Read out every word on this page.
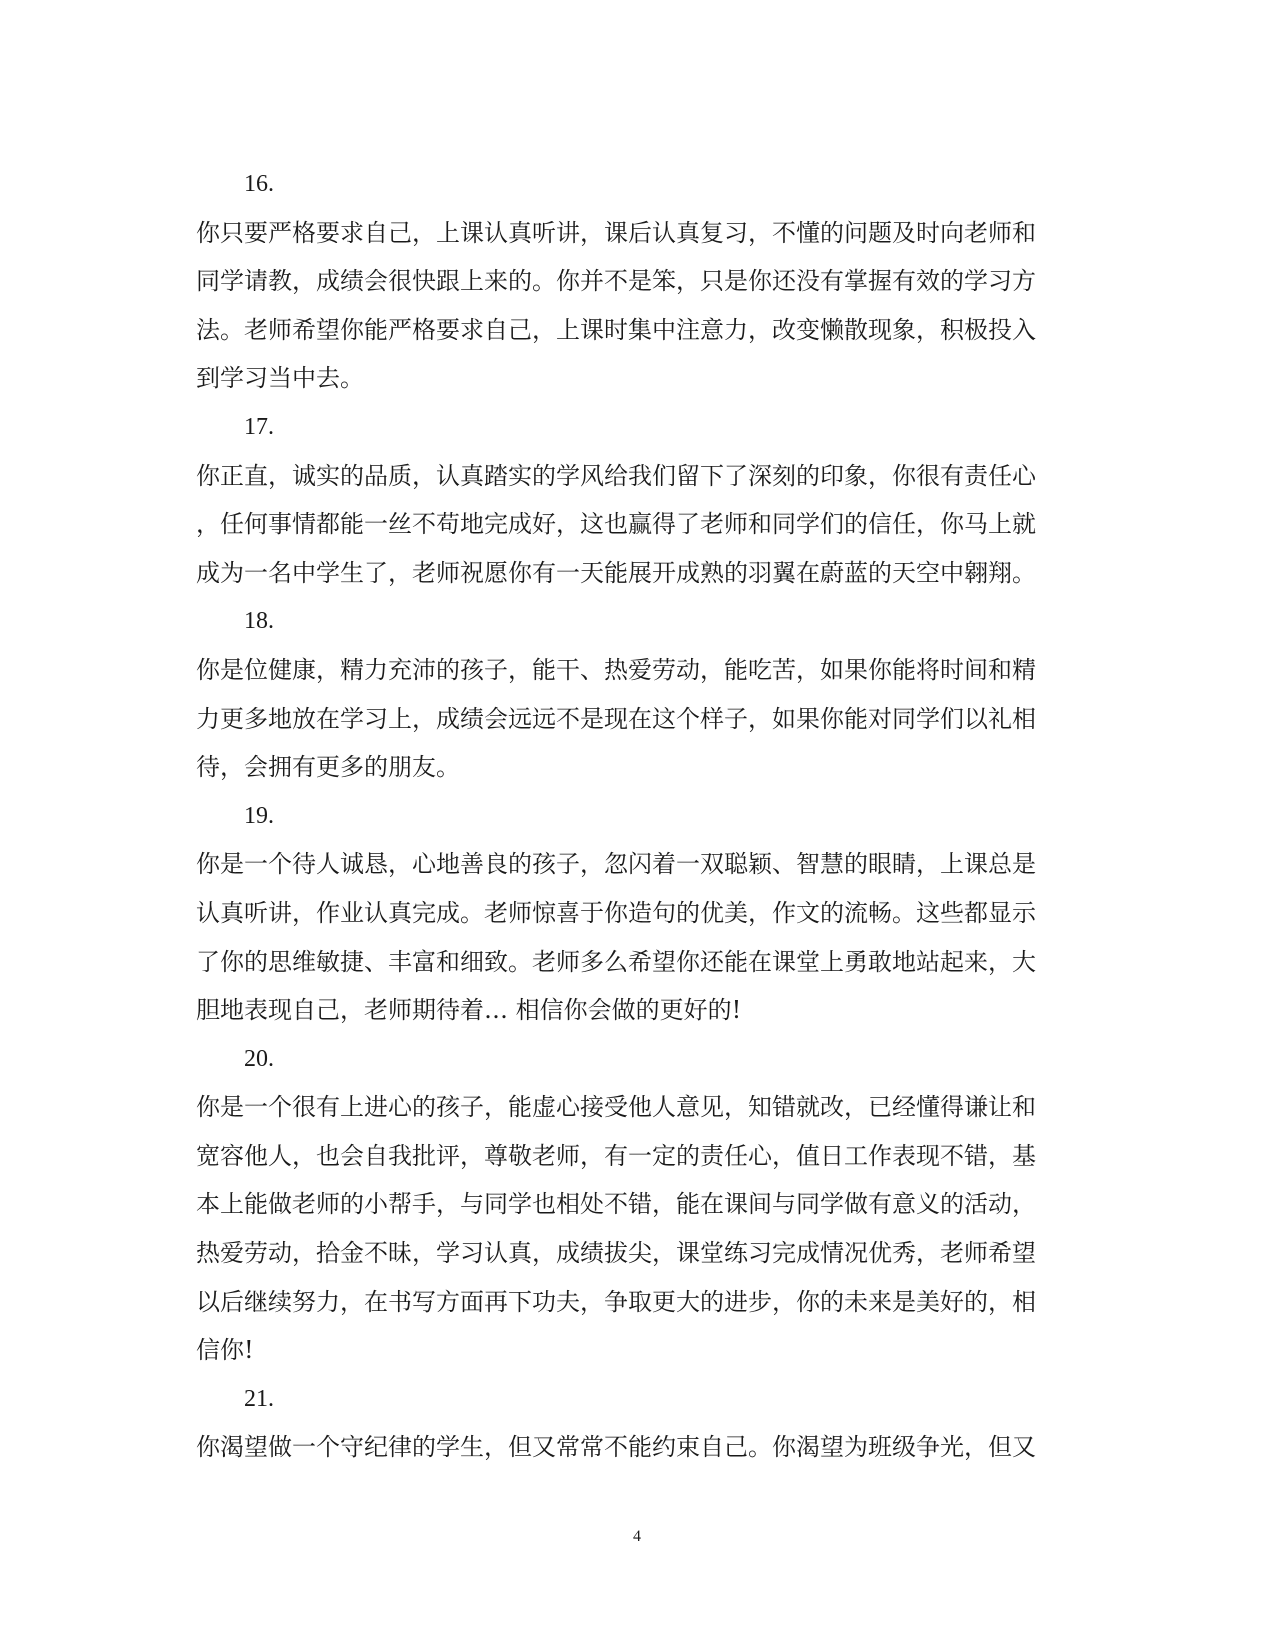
16.
你只要严格要求自己，上课认真听讲，课后认真复习，不懂的问题及时向老师和
同学请教，成绩会很快跟上来的。你并不是笨，只是你还没有掌握有效的学习方
法。老师希望你能严格要求自己，上课时集中注意力，改变懒散现象，积极投入
到学习当中去。
17.
你正直，诚实的品质，认真踏实的学风给我们留下了深刻的印象，你很有责任心
，任何事情都能一丝不苟地完成好，这也赢得了老师和同学们的信任，你马上就
成为一名中学生了，老师祝愿你有一天能展开成熟的羽翼在蔚蓝的天空中翱翔。
18.
你是位健康，精力充沛的孩子，能干、热爱劳动，能吃苦，如果你能将时间和精
力更多地放在学习上，成绩会远远不是现在这个样子，如果你能对同学们以礼相
待，会拥有更多的朋友。
19.
你是一个待人诚恳，心地善良的孩子，忽闪着一双聪颖、智慧的眼睛，上课总是
认真听讲，作业认真完成。老师惊喜于你造句的优美，作文的流畅。这些都显示
了你的思维敏捷、丰富和细致。老师多么希望你还能在课堂上勇敢地站起来，大
胆地表现自己，老师期待着… 相信你会做的更好的!
20.
你是一个很有上进心的孩子，能虚心接受他人意见，知错就改，已经懂得谦让和
宽容他人，也会自我批评，尊敬老师，有一定的责任心，值日工作表现不错，基
本上能做老师的小帮手，与同学也相处不错，能在课间与同学做有意义的活动，
热爱劳动，拾金不昧，学习认真，成绩拔尖，课堂练习完成情况优秀，老师希望
以后继续努力，在书写方面再下功夫，争取更大的进步，你的未来是美好的，相
信你!
21.
你渴望做一个守纪律的学生，但又常常不能约束自己。你渴望为班级争光，但又
4
